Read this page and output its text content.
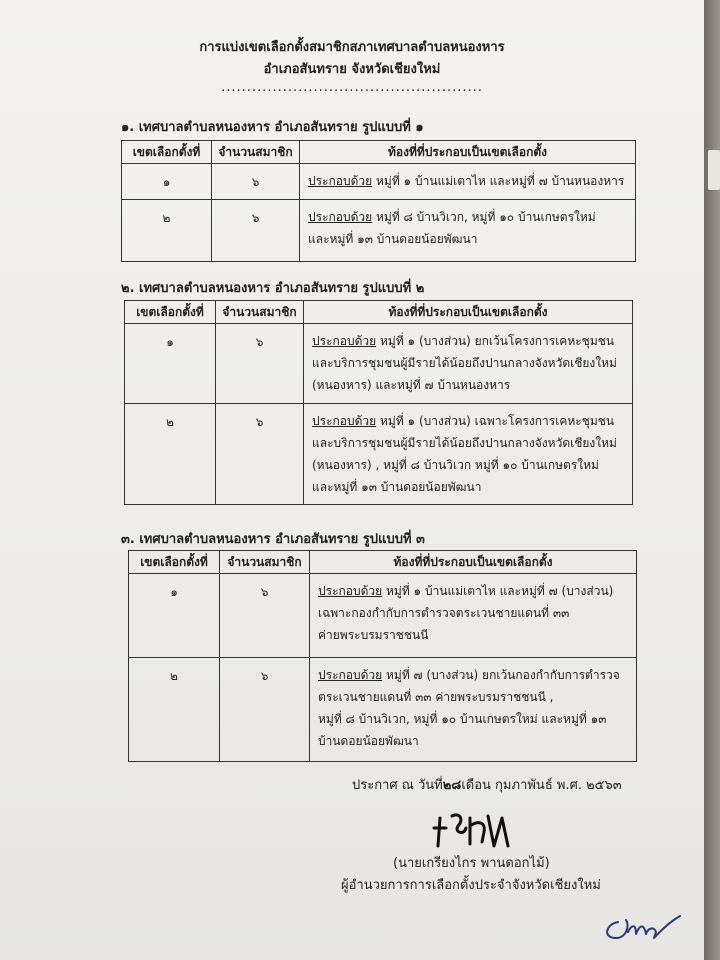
การแบ่งเขตเลือกตั้งสมาชิกสภาเทศบาลตำบลหนองหาร
อำเภอสันทราย จังหวัดเชียงใหม่
...................................................
๑. เทศบาลตำบลหนองหาร อำเภอสันทราย รูปแบบที่ ๑
เขตเลือกตั้งที่	จำนวนสมาชิก	ท้องที่ที่ประกอบเป็นเขตเลือกตั้ง
๑	๖	ประกอบด้วย หมู่ที่ ๑ บ้านแม่เตาไห และหมู่ที่ ๗ บ้านหนองหาร
๒	๖	ประกอบด้วย หมู่ที่ ๘ บ้านวิเวก, หมู่ที่ ๑๐ บ้านเกษตรใหม่
และหมู่ที่ ๑๓ บ้านดอยน้อยพัฒนา
๒. เทศบาลตำบลหนองหาร อำเภอสันทราย รูปแบบที่ ๒
เขตเลือกตั้งที่	จำนวนสมาชิก	ท้องที่ที่ประกอบเป็นเขตเลือกตั้ง
๑	๖	ประกอบด้วย หมู่ที่ ๑ (บางส่วน) ยกเว้นโครงการเคหะชุมชน
และบริการชุมชนผู้มีรายได้น้อยถึงปานกลางจังหวัดเชียงใหม่
(หนองหาร) และหมู่ที่ ๗ บ้านหนองหาร
๒	๖	ประกอบด้วย หมู่ที่ ๑ (บางส่วน) เฉพาะโครงการเคหะชุมชน
และบริการชุมชนผู้มีรายได้น้อยถึงปานกลางจังหวัดเชียงใหม่
(หนองหาร) , หมู่ที่ ๘ บ้านวิเวก หมู่ที่ ๑๐ บ้านเกษตรใหม่
และหมู่ที่ ๑๓ บ้านดอยน้อยพัฒนา
๓. เทศบาลตำบลหนองหาร อำเภอสันทราย รูปแบบที่ ๓
เขตเลือกตั้งที่	จำนวนสมาชิก	ท้องที่ที่ประกอบเป็นเขตเลือกตั้ง
๑	๖	ประกอบด้วย หมู่ที่ ๑ บ้านแม่เตาไห และหมู่ที่ ๗ (บางส่วน)
เฉพาะกองกำกับการตำรวจตระเวนชายแดนที่ ๓๓
ค่ายพระบรมราชชนนี
๒	๖	ประกอบด้วย หมู่ที่ ๗ (บางส่วน) ยกเว้นกองกำกับการตำรวจ
ตระเวนชายแดนที่ ๓๓ ค่ายพระบรมราชชนนี ,
หมู่ที่ ๘ บ้านวิเวก, หมู่ที่ ๑๐ บ้านเกษตรใหม่ และหมู่ที่ ๑๓
บ้านดอยน้อยพัฒนา
ประกาศ ณ วันที่๒๘เดือน กุมภาพันธ์ พ.ศ. ๒๕๖๓
(นายเกรียงไกร พานดอกไม้)
ผู้อำนวยการการเลือกตั้งประจำจังหวัดเชียงใหม่
